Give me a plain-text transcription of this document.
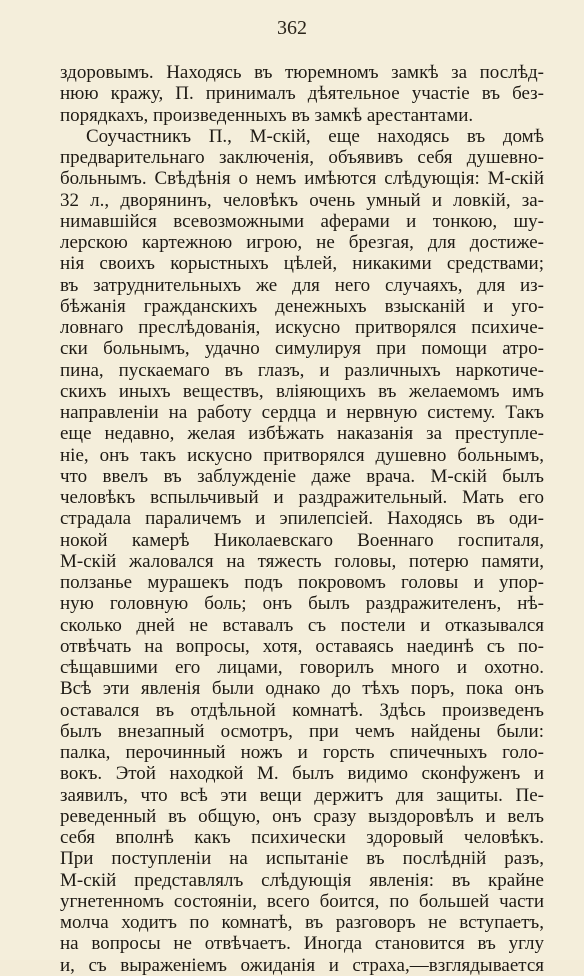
362
здоровымъ. Находясь въ тюремномъ замкѣ за послѣд-
нюю кражу, П. принималъ дѣятельное участіе въ без-
порядкахъ, произведенныхъ въ замкѣ арестантами.
Соучастникъ П., М-скій, еще находясь въ домѣ
предварительнаго заключенія, объявивъ себя душевно-
больнымъ. Свѣдѣнія о немъ имѣются слѣдующія: М-скій
32 л., дворянинъ, человѣкъ очень умный и ловкій, за-
нимавшійся всевозможными аферами и тонкою, шу-
лерскою картежною игрою, не брезгая, для достиже-
нія своихъ корыстныхъ цѣлей, никакими средствами;
въ затруднительныхъ же для него случаяхъ, для из-
бѣжанія гражданскихъ денежныхъ взысканій и уго-
ловнаго преслѣдованія, искусно притворялся психиче-
ски больнымъ, удачно симулируя при помощи атро-
пина, пускаемаго въ глазъ, и различныхъ наркотиче-
скихъ иныхъ веществъ, вліяющихъ въ желаемомъ имъ
направленіи на работу сердца и нервную систему. Такъ
еще недавно, желая избѣжать наказанія за преступле-
ніе, онъ такъ искусно притворялся душевно больнымъ,
что ввелъ въ заблужденіе даже врача. М-скій былъ
человѣкъ вспыльчивый и раздражительный. Мать его
страдала параличемъ и эпилепсіей. Находясь въ оди-
нокой камерѣ Николаевскаго Военнаго госпиталя,
М-скій жаловался на тяжесть головы, потерю памяти,
ползанье мурашекъ подъ покровомъ головы и упор-
ную головную боль; онъ былъ раздражителенъ, нѣ-
сколько дней не вставалъ съ постели и отказывался
отвѣчать на вопросы, хотя, оставаясь наединѣ съ по-
сѣщавшими его лицами, говорилъ много и охотно.
Всѣ эти явленія были однако до тѣхъ поръ, пока онъ
оставался въ отдѣльной комнатѣ. Здѣсь произведенъ
былъ внезапный осмотръ, при чемъ найдены были:
палка, перочинный ножъ и горсть спичечныхъ голо-
вокъ. Этой находкой М. былъ видимо сконфуженъ и
заявилъ, что всѣ эти вещи держитъ для защиты. Пе-
реведенный въ общую, онъ сразу выздоровѣлъ и велъ
себя вполнѣ какъ психически здоровый человѣкъ.
При поступленіи на испытаніе въ послѣдній разъ,
М-скій представлялъ слѣдующія явленія: въ крайне
угнетенномъ состояніи, всего боится, по большей части
молча ходитъ по комнатѣ, въ разговоръ не вступаетъ,
на вопросы не отвѣчаетъ. Иногда становится въ углу
и, съ выраженіемъ ожиданія и страха,—взглядывается
